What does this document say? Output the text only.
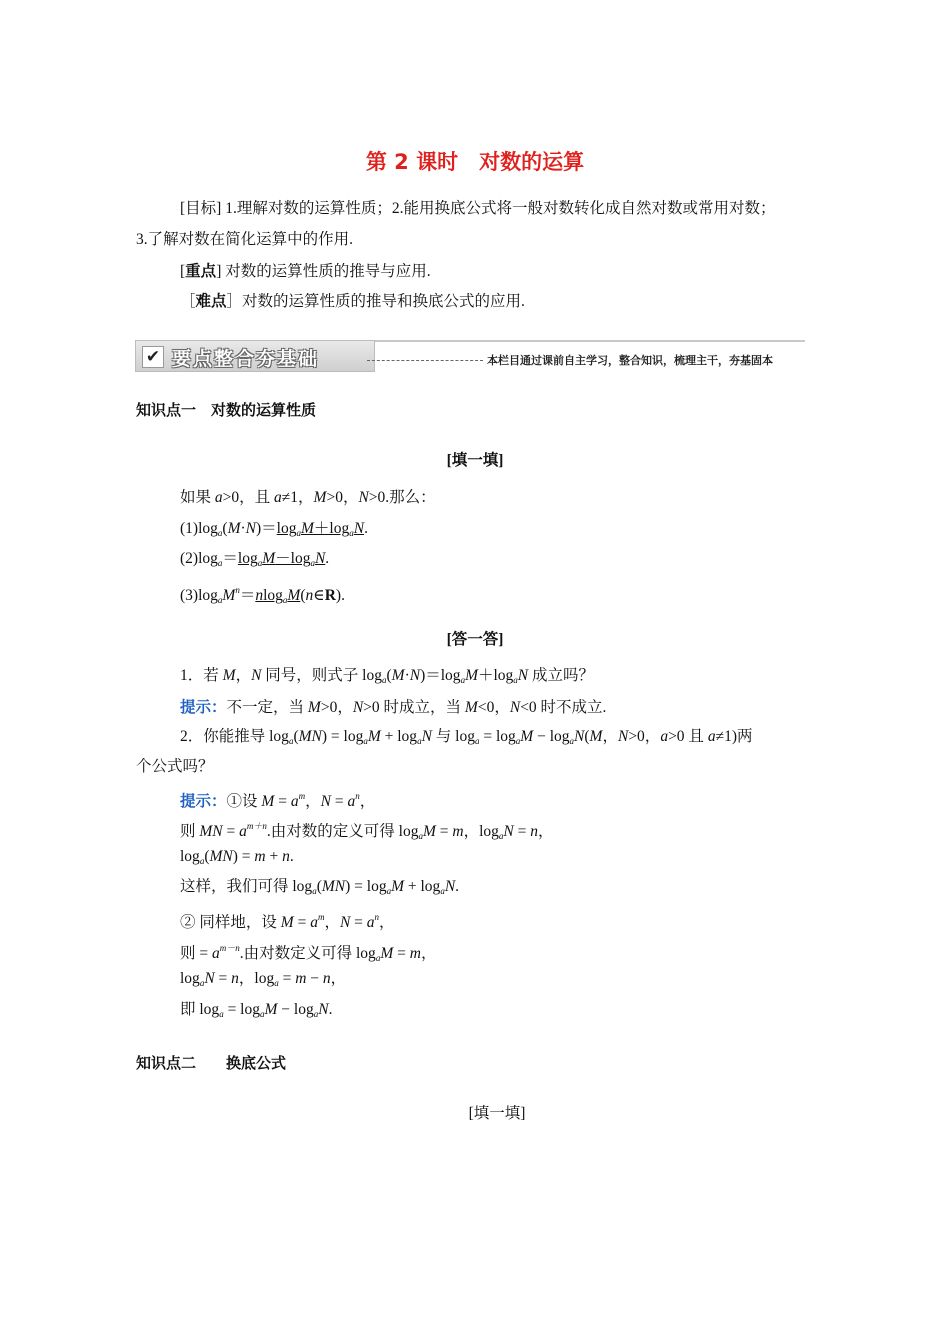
第 2 课时　对数的运算
[目标] 1.理解对数的运算性质；2.能用换底公式将一般对数转化成自然对数或常用对数；
3.了解对数在简化运算中的作用.
[重点] 对数的运算性质的推导与应用.
［难点］对数的运算性质的推导和换底公式的应用.
✔ 要点整合夯基础	本栏目通过课前自主学习，整合知识，梳理主干，夯基固本
知识点一　对数的运算性质
[填一填]
如果 a>0，且 a≠1，M>0，N>0.那么：
$(1)\log_a(M\cdot N)=\log_aM+\log_aN$.
$(2)\log_a=\log_aM-\log_aN$.
$(3)\log_aM^n=nlog_aM(n\in R)$.
[答一答]
1．若 M，N 同号，则式子 $\log_a(M\cdot N)=\log_aM+\log_aN$ 成立吗？
提示：不一定，当 M>0，N>0 时成立，当 M<0，N<0 时不成立.
2．你能推导 $\log_a(MN) = \log_aM + \log_aN$ 与 $\log_a = \log_aM - \log_aN(M$，N>0，a>0 且 a≠1)两
个公式吗？
提示：①设 $M = a^m$，$N = a^n$，
则 MN = $a^{m+n}$.由对数的定义可得 $\log_aM = m$，$\log_aN = n$，
$\log_a(MN) = m + n$.
这样，我们可得 $\log_a(MN) = \log_aM + \log_aN$.
② 同样地，设 $M = a^m$，$N = a^n$，
则 = $a^{m-n}$.由对数定义可得 $\log_aM = m$，
$\log_aN = n$，$\log_a = m - n$，
即 $\log_a = \log_aM - \log_aN$.
知识点二　　换底公式
[填一填]
